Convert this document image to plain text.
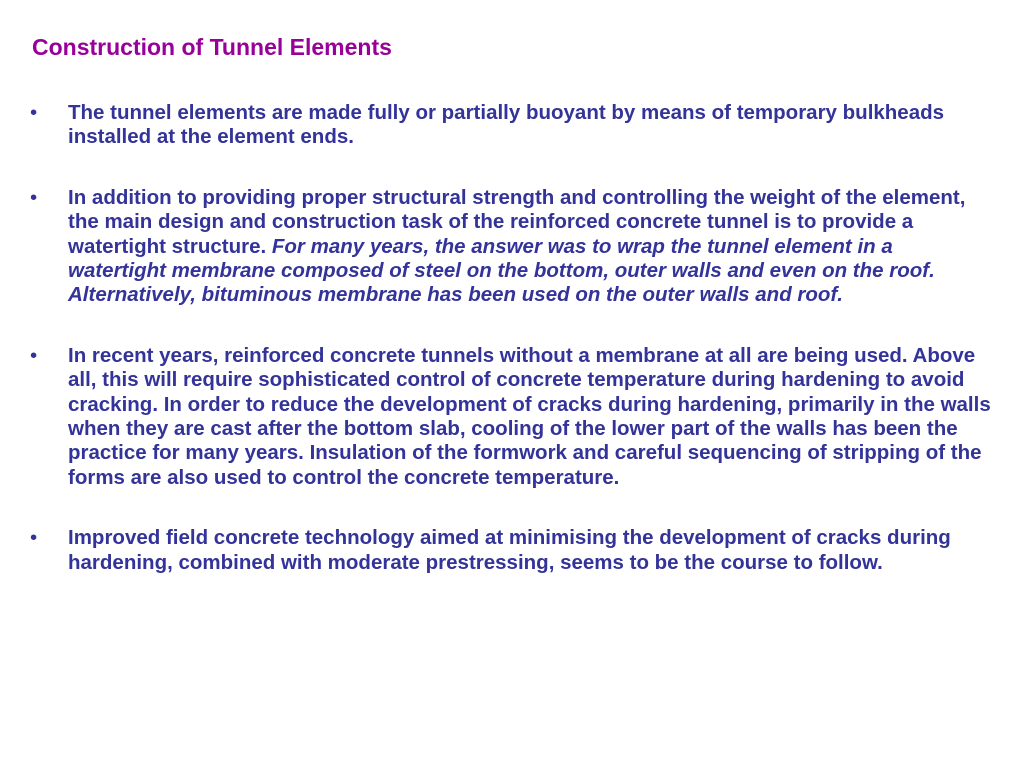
Construction of Tunnel Elements
• The tunnel elements are made fully or partially buoyant by means of temporary bulkheads installed at the element ends.
• In addition to providing proper structural strength and controlling the weight of the element, the main design and construction task of the reinforced concrete tunnel is to provide a watertight structure. For many years, the answer was to wrap the tunnel element in a watertight membrane composed of steel on the bottom, outer walls and even on the roof. Alternatively, bituminous membrane has been used on the outer walls and roof.
• In recent years, reinforced concrete tunnels without a membrane at all are being used. Above all, this will require sophisticated control of concrete temperature during hardening to avoid cracking. In order to reduce the development of cracks during hardening, primarily in the walls when they are cast after the bottom slab, cooling of the lower part of the walls has been the practice for many years. Insulation of the formwork and careful sequencing of stripping of the forms are also used to control the concrete temperature.
• Improved field concrete technology aimed at minimising the development of cracks during hardening, combined with moderate prestressing, seems to be the course to follow.
